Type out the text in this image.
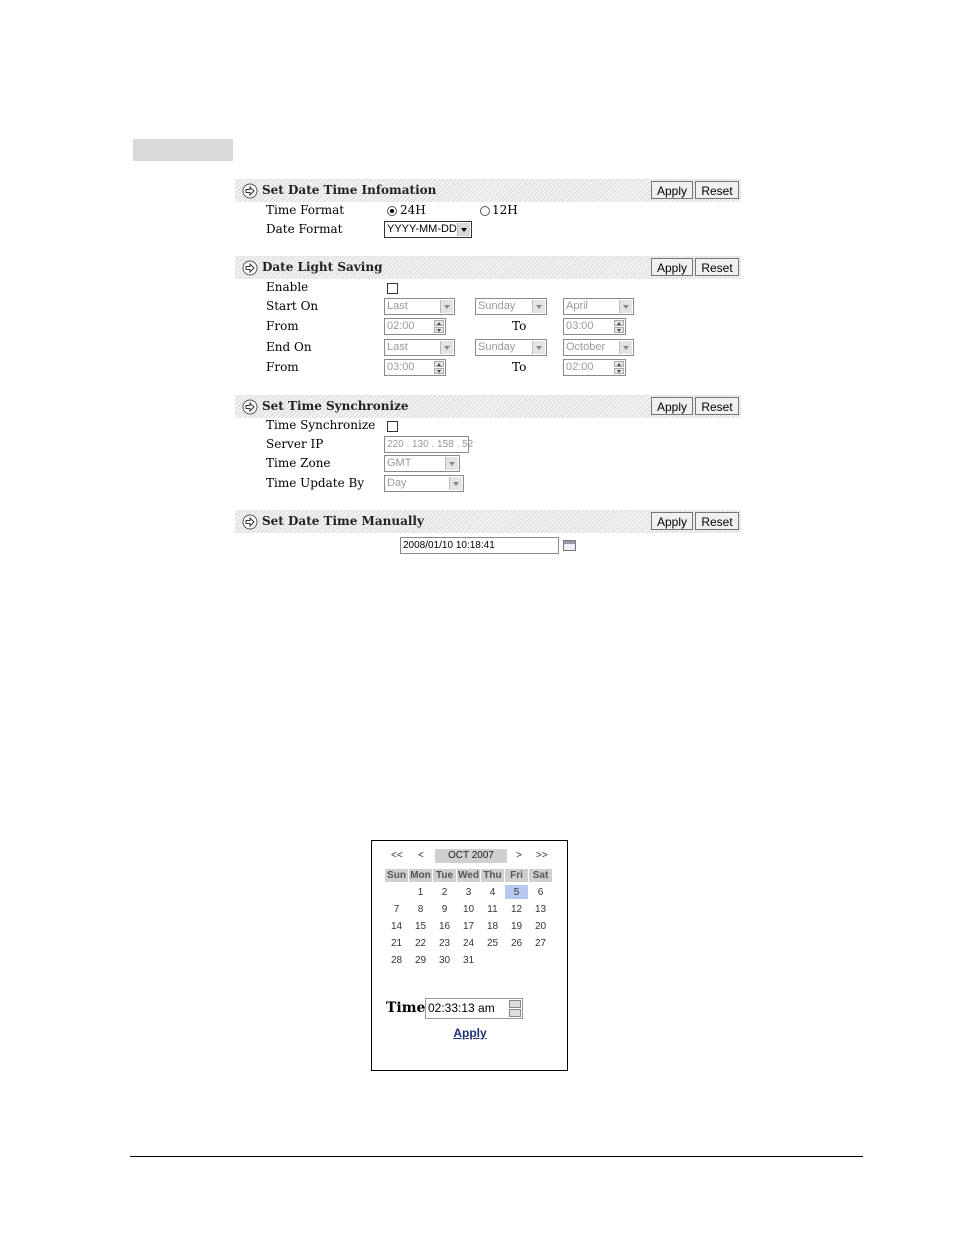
Set Date Time Infomation	Apply	Reset
Time Format	24H	12H
Date Format	YYYY-MM-DD
Date Light Saving	Apply	Reset
Enable
Start On	Last	Sunday	April
From	02:00	To	03:00
End On	Last	Sunday	October
From	03:00	To	02:00
Set Time Synchronize	Apply	Reset
Time Synchronize
Server IP	220 . 130 . 158 . 52
Time Zone	GMT
Time Update By Day
Set Date Time Manually	Apply	Reset
2008/01/10 10:18:41
<< <	OCT 2007	> >>
Sun	Mon	Tue	Wed	Thu	Fri	Sat
	1	2	3	4	5	6
7	8	9	10	11	12	13
14	15	16	17	18	19	20
21	22	23	24	25	26	27
28	29	30	31			
Time 02:33:13 am
Apply
